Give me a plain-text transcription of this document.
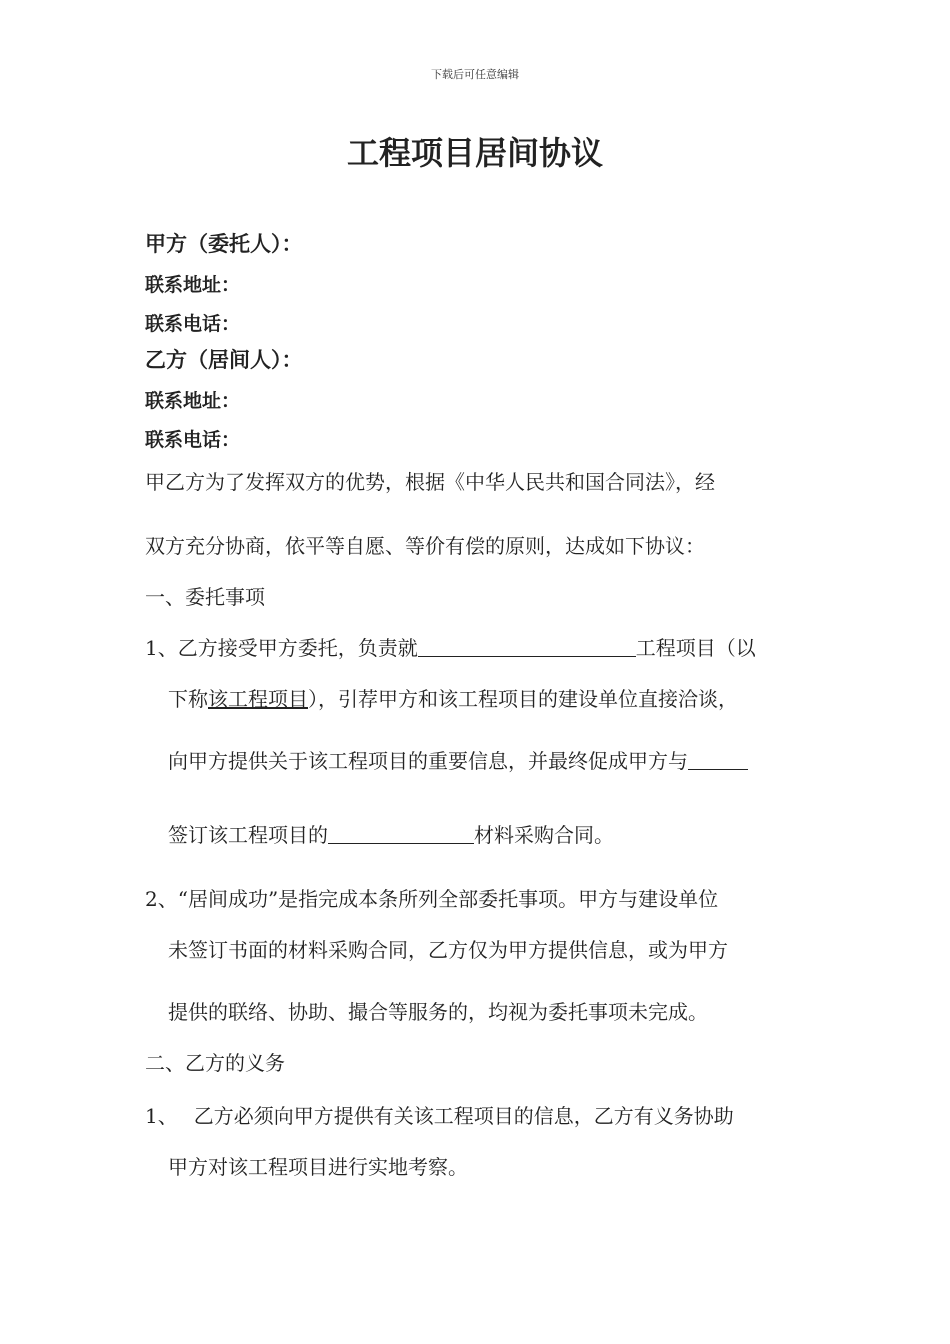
下载后可任意编辑
工程项目居间协议
甲方（委托人）：
联系地址：
联系电话：
乙方（居间人）：
联系地址：
联系电话：
甲乙方为了发挥双方的优势，根据《中华人民共和国合同法》，经
双方充分协商，依平等自愿、等价有偿的原则，达成如下协议：
一、委托事项
1、乙方接受甲方委托，负责就	工程项目（以
下称该工程项目），引荐甲方和该工程项目的建设单位直接洽谈，
向甲方提供关于该工程项目的重要信息，并最终促成甲方与
签订该工程项目的	材料采购合同。
2、“居间成功”是指完成本条所列全部委托事项。甲方与建设单位
未签订书面的材料采购合同，乙方仅为甲方提供信息，或为甲方
提供的联络、协助、撮合等服务的，均视为委托事项未完成。
二、乙方的义务
1、 乙方必须向甲方提供有关该工程项目的信息，乙方有义务协助
甲方对该工程项目进行实地考察。
